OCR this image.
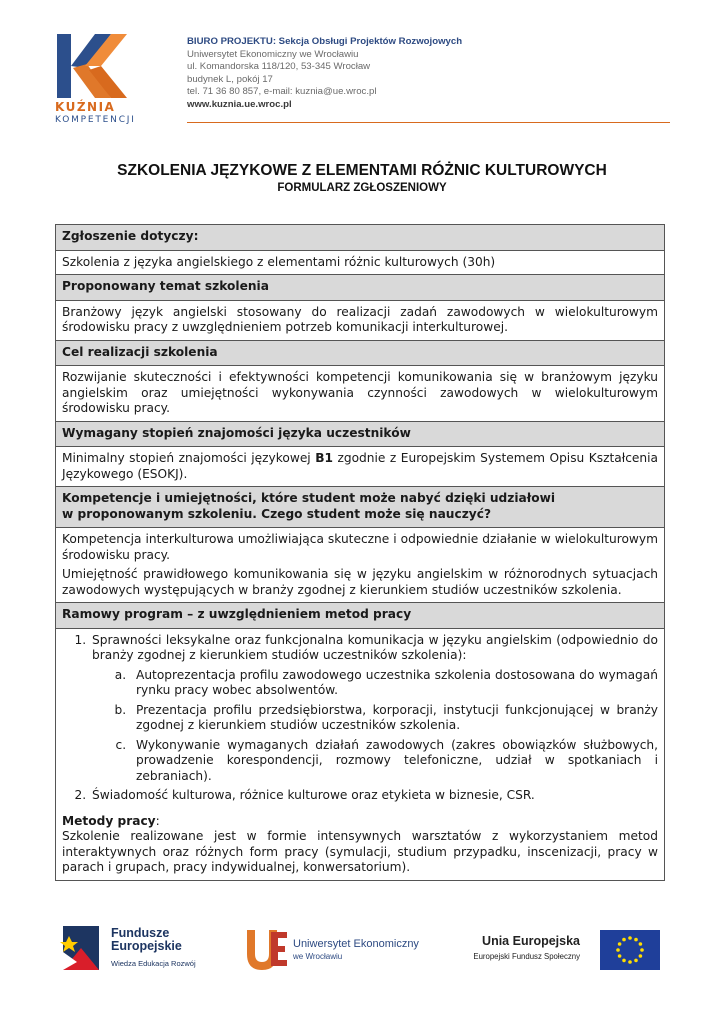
KUŹNIA
KOMPETENCJI
BIURO PROJEKTU: Sekcja Obsługi Projektów Rozwojowych
Uniwersytet Ekonomiczny we Wrocławiu
ul. Komandorska 118/120, 53-345 Wrocław
budynek L, pokój 17
tel. 71 36 80 857, e-mail: kuznia@ue.wroc.pl
www.kuznia.ue.wroc.pl
SZKOLENIA JĘZYKOWE Z ELEMENTAMI RÓŻNIC KULTUROWYCH
FORMULARZ ZGŁOSZENIOWY
Zgłoszenie dotyczy:
Szkolenia z języka angielskiego z elementami różnic kulturowych (30h)
Proponowany temat szkolenia
Branżowy język angielski stosowany do realizacji zadań zawodowych w wielokulturowym środowisku pracy z uwzględnieniem potrzeb komunikacji interkulturowej.
Cel realizacji szkolenia
Rozwijanie skuteczności i efektywności kompetencji komunikowania się w branżowym języku angielskim oraz umiejętności wykonywania czynności zawodowych w wielokulturowym środowisku pracy.
Wymagany stopień znajomości języka uczestników
Minimalny stopień znajomości językowej B1 zgodnie z Europejskim Systemem Opisu Kształcenia Językowego (ESOKJ).
Kompetencje i umiejętności, które student może nabyć dzięki udziałowi
w proponowanym szkoleniu. Czego student może się nauczyć?

Kompetencja interkulturowa umożliwiająca skuteczne i odpowiednie działanie w wielokulturowym środowisku pracy.

Umiejętność prawidłowego komunikowania się w języku angielskim w różnorodnych sytuacjach zawodowych występujących w branży zgodnej z kierunkiem studiów uczestników szkolenia.

Ramowy program – z uwzględnieniem metod pracy
1. Sprawności leksykalne oraz funkcjonalna komunikacja w języku angielskim (odpowiednio do branży zgodnej z kierunkiem studiów uczestników szkolenia):
a. Autoprezentacja profilu zawodowego uczestnika szkolenia dostosowana do wymagań rynku pracy wobec absolwentów.
b. Prezentacja profilu przedsiębiorstwa, korporacji, instytucji funkcjonującej w branży zgodnej z kierunkiem studiów uczestników szkolenia.
c. Wykonywanie wymaganych działań zawodowych (zakres obowiązków służbowych, prowadzenie korespondencji, rozmowy telefoniczne, udział w spotkaniach i zebraniach).
2. Świadomość kulturowa, różnice kulturowe oraz etykieta w biznesie, CSR.
Metody pracy:

Szkolenie realizowane jest w formie intensywnych warsztatów z wykorzystaniem metod interaktywnych oraz różnych form pracy (symulacji, studium przypadku, inscenizacji, pracy w parach i grupach, pracy indywidualnej, konwersatorium).

Fundusze
Europejskie
Wiedza Edukacja Rozwój
Uniwersytet Ekonomiczny
we Wrocławiu
Unia Europejska
Europejski Fundusz Społeczny
